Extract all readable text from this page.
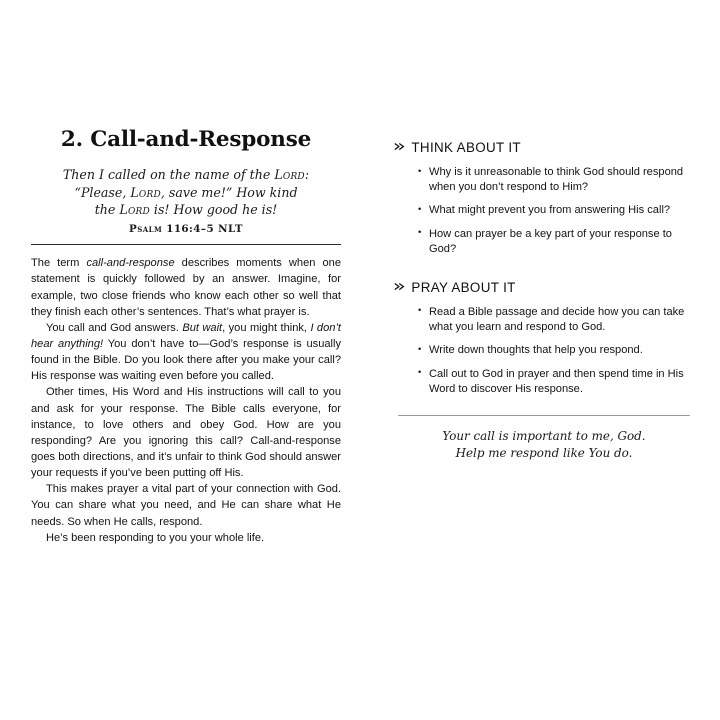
2. Call-and-Response
Then I called on the name of the Lord:
“Please, Lord, save me!” How kind
the Lord is! How good he is!
Psalm 116:4–5 NLT

The term call-and-response describes moments when one statement is quickly followed by an answer. Imagine, for example, two close friends who know each other so well that they finish each other’s sentences. That’s what prayer is.

You call and God answers. But wait, you might think, I don’t hear anything! You don’t have to—God’s response is usually found in the Bible. Do you look there after you make your call? His response was waiting even before you called.

Other times, His Word and His instructions will call to you and ask for your response. The Bible calls everyone, for instance, to love others and obey God. How are you responding? Are you ignoring this call? Call-and-response goes both directions, and it’s unfair to think God should answer your requests if you’ve been putting off His.

This makes prayer a vital part of your connection with God. You can share what you need, and He can share what He needs. So when He calls, respond.

He’s been responding to you your whole life.

» THINK ABOUT IT
• Why is it unreasonable to think God should respond when you don’t respond to Him?
• What might prevent you from answering His call?
• How can prayer be a key part of your response to God?
» PRAY ABOUT IT
• Read a Bible passage and decide how you can take what you learn and respond to God.
• Write down thoughts that help you respond.
• Call out to God in prayer and then spend time in His Word to discover His response.
Your call is important to me, God.
Help me respond like You do.
